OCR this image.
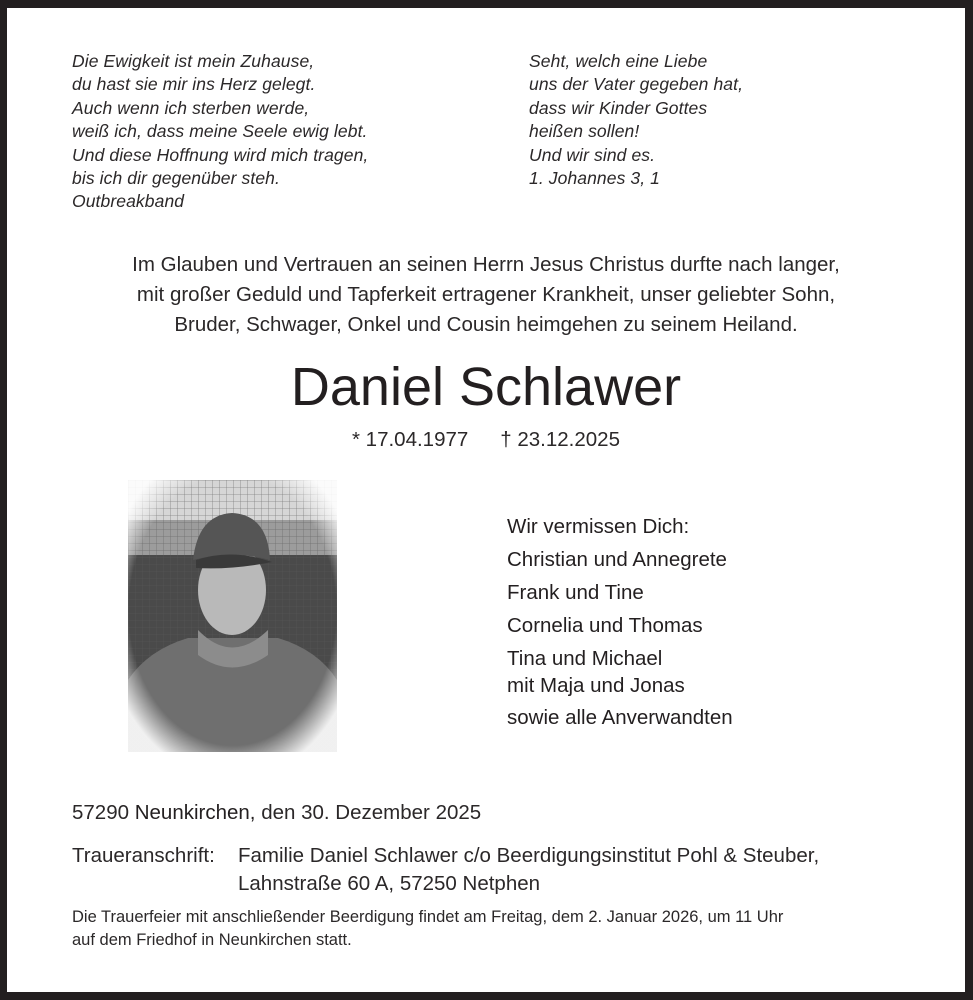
Die Ewigkeit ist mein Zuhause,
du hast sie mir ins Herz gelegt.
Auch wenn ich sterben werde,
weiß ich, dass meine Seele ewig lebt.
Und diese Hoffnung wird mich tragen,
bis ich dir gegenüber steh.
Outbreakband
Seht, welch eine Liebe
uns der Vater gegeben hat,
dass wir Kinder Gottes
heißen sollen!
Und wir sind es.
1. Johannes 3, 1
Im Glauben und Vertrauen an seinen Herrn Jesus Christus durfte nach langer,
mit großer Geduld und Tapferkeit ertragener Krankheit, unser geliebter Sohn,
Bruder, Schwager, Onkel und Cousin heimgehen zu seinem Heiland.
Daniel Schlawer
* 17.04.1977 † 23.12.2025
Wir vermissen Dich:
Christian und Annegrete
Frank und Tine
Cornelia und Thomas
Tina und Michael
mit Maja und Jonas
sowie alle Anverwandten
57290 Neunkirchen, den 30. Dezember 2025
Traueranschrift: Familie Daniel Schlawer c/o Beerdigungsinstitut Pohl & Steuber,
Lahnstraße 60 A, 57250 Netphen
Die Trauerfeier mit anschließender Beerdigung findet am Freitag, dem 2. Januar 2026, um 11 Uhr
auf dem Friedhof in Neunkirchen statt.
